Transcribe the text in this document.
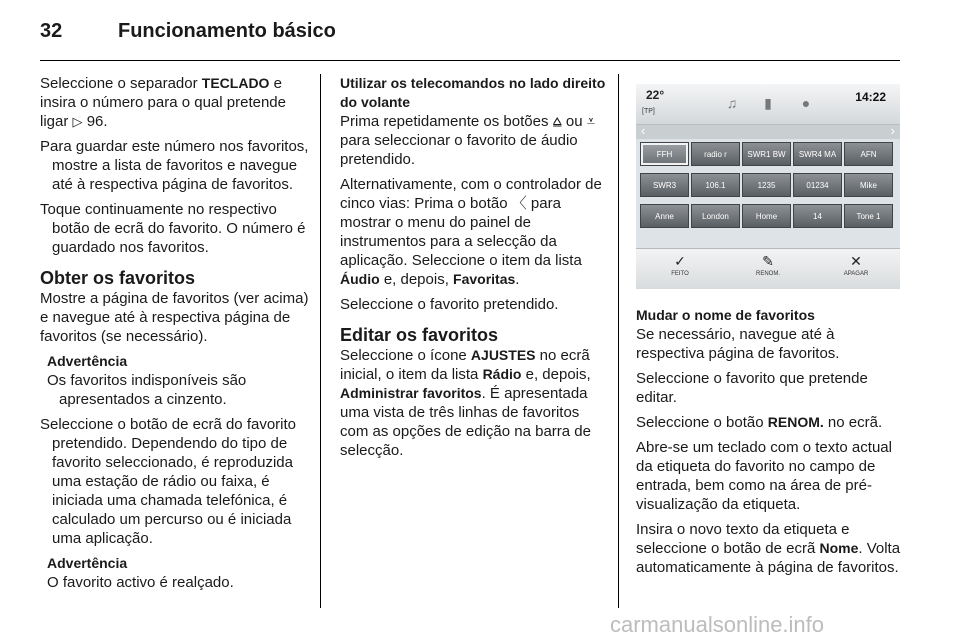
32	Funcionamento básico

Seleccione o separador TECLADO e insira o número para o qual pretende ligar ▷ 96.

Para guardar este número nos favoritos, mostre a lista de favoritos e navegue até à respectiva página de favoritos.

Toque continuamente no respectivo botão de ecrã do favorito. O número é guardado nos favoritos.

Obter os favoritos

Mostre a página de favoritos (ver acima) e navegue até à respectiva página de favoritos (se necessário).

Advertência
Os favoritos indisponíveis são apresentados a cinzento.

Seleccione o botão de ecrã do favorito pretendido. Dependendo do tipo de favorito seleccionado, é reproduzida uma estação de rádio ou faixa, é iniciada uma chamada telefónica, é calculado um percurso ou é iniciada uma aplicação.

Advertência
O favorito activo é realçado.

Utilizar os telecomandos no lado direito do volante

Prima repetidamente os botões ⩠ ou ⩡ para seleccionar o favorito de áudio pretendido.

Alternativamente, com o controlador de cinco vias: Prima o botão 〈 para mostrar o menu do painel de instrumentos para a selecção da aplicação. Seleccione o item da lista Áudio e, depois, Favoritas.

Seleccione o favorito pretendido.

Editar os favoritos

Seleccione o ícone AJUSTES no ecrã inicial, o item da lista Rádio e, depois, Administrar favoritos. É apresentada uma vista de três linhas de favoritos com as opções de edição na barra de selecção.

22°
[TP]
♫	▮	●	14:22
‹	›
FFH	radio r	SWR1 BW	SWR4 MA	AFN
SWR3	106.1	1235	01234	Mike
Anne	London	Home	14	Tone 1
✓
FEITO
✎
RENOM.
✕
APAGAR

Mudar o nome de favoritos

Se necessário, navegue até à respectiva página de favoritos.

Seleccione o favorito que pretende editar.

Seleccione o botão RENOM. no ecrã.

Abre-se um teclado com o texto actual da etiqueta do favorito no campo de entrada, bem como na área de pré-visualização da etiqueta.

Insira o novo texto da etiqueta e seleccione o botão de ecrã Nome. Volta automaticamente à página de favoritos.

carmanualsonline.info
